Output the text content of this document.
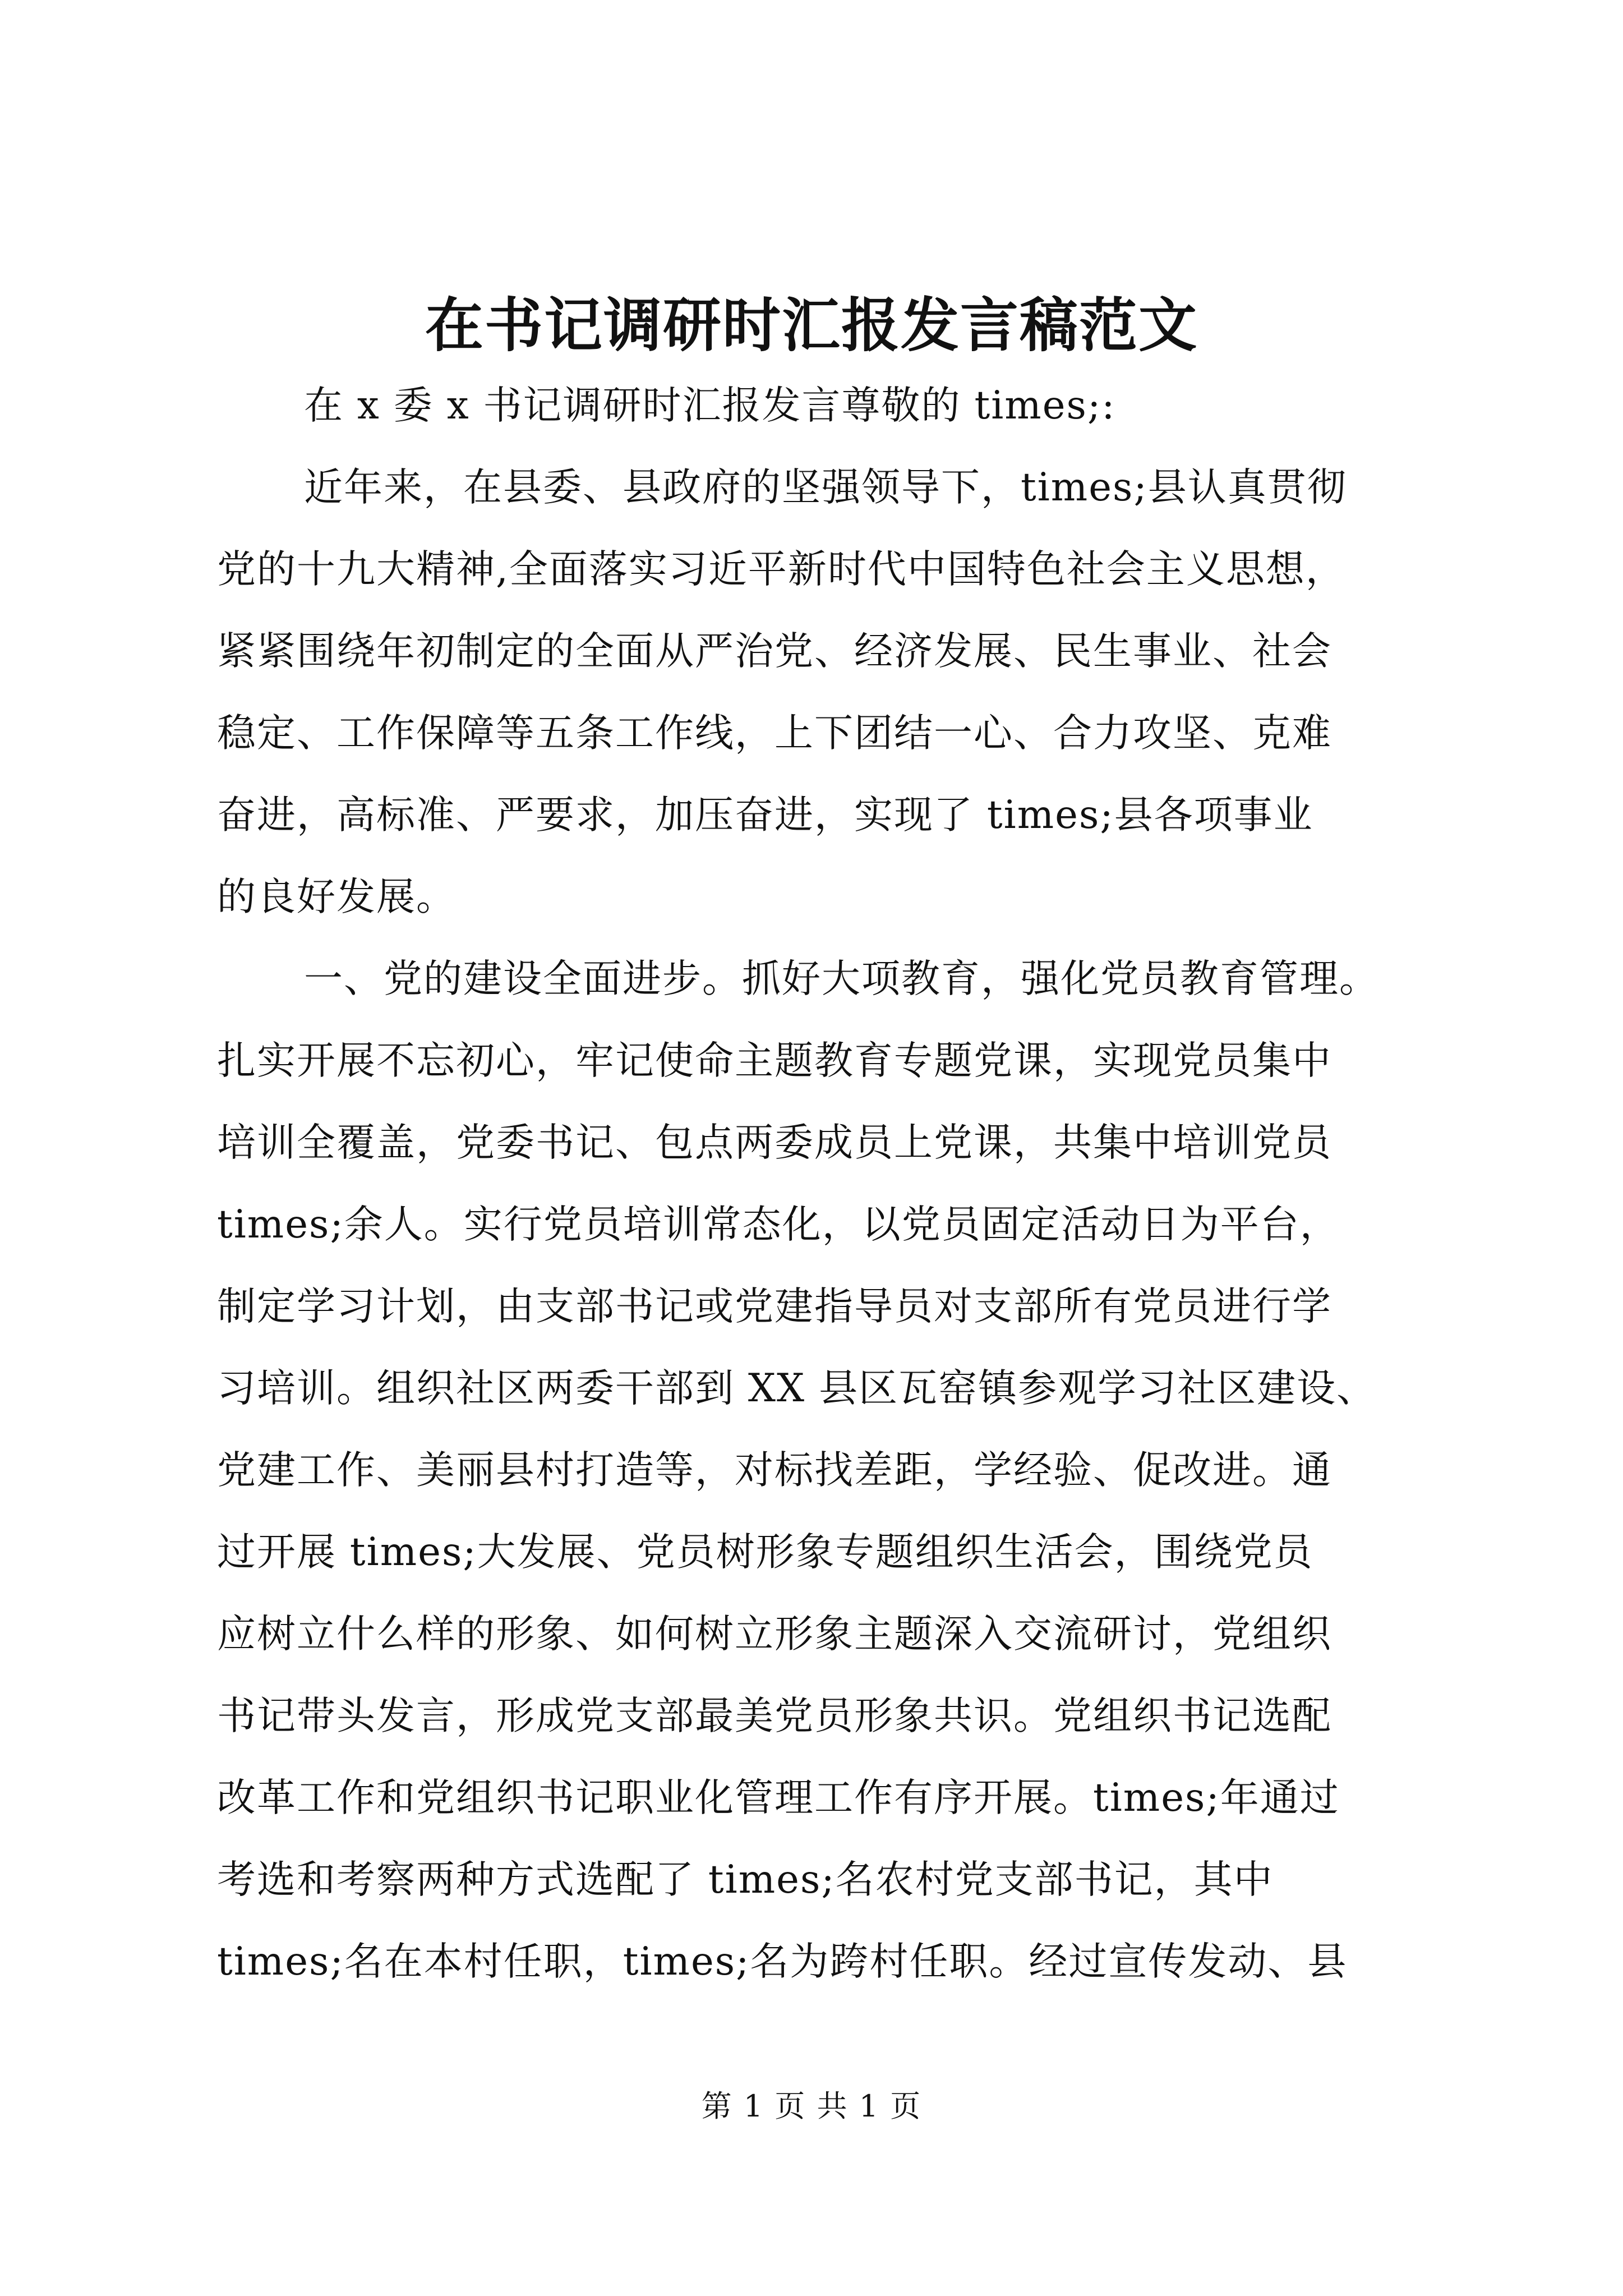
在书记调研时汇报发言稿范文
在 x 委 x 书记调研时汇报发言尊敬的 times;:
近年来，在县委、县政府的坚强领导下，times;县认真贯彻
党的十九大精神,全面落实习近平新时代中国特色社会主义思想，
紧紧围绕年初制定的全面从严治党、经济发展、民生事业、社会
稳定、工作保障等五条工作线，上下团结一心、合力攻坚、克难
奋进，高标准、严要求，加压奋进，实现了 times;县各项事业
的良好发展。
一、党的建设全面进步。抓好大项教育，强化党员教育管理。
扎实开展不忘初心，牢记使命主题教育专题党课，实现党员集中
培训全覆盖，党委书记、包点两委成员上党课，共集中培训党员
times;余人。实行党员培训常态化，以党员固定活动日为平台，
制定学习计划，由支部书记或党建指导员对支部所有党员进行学
习培训。组织社区两委干部到 XX 县区瓦窑镇参观学习社区建设、
党建工作、美丽县村打造等，对标找差距，学经验、促改进。通
过开展 times;大发展、党员树形象专题组织生活会，围绕党员
应树立什么样的形象、如何树立形象主题深入交流研讨，党组织
书记带头发言，形成党支部最美党员形象共识。党组织书记选配
改革工作和党组织书记职业化管理工作有序开展。times;年通过
考选和考察两种方式选配了 times;名农村党支部书记，其中
times;名在本村任职，times;名为跨村任职。经过宣传发动、县
第 1 页 共 1 页
